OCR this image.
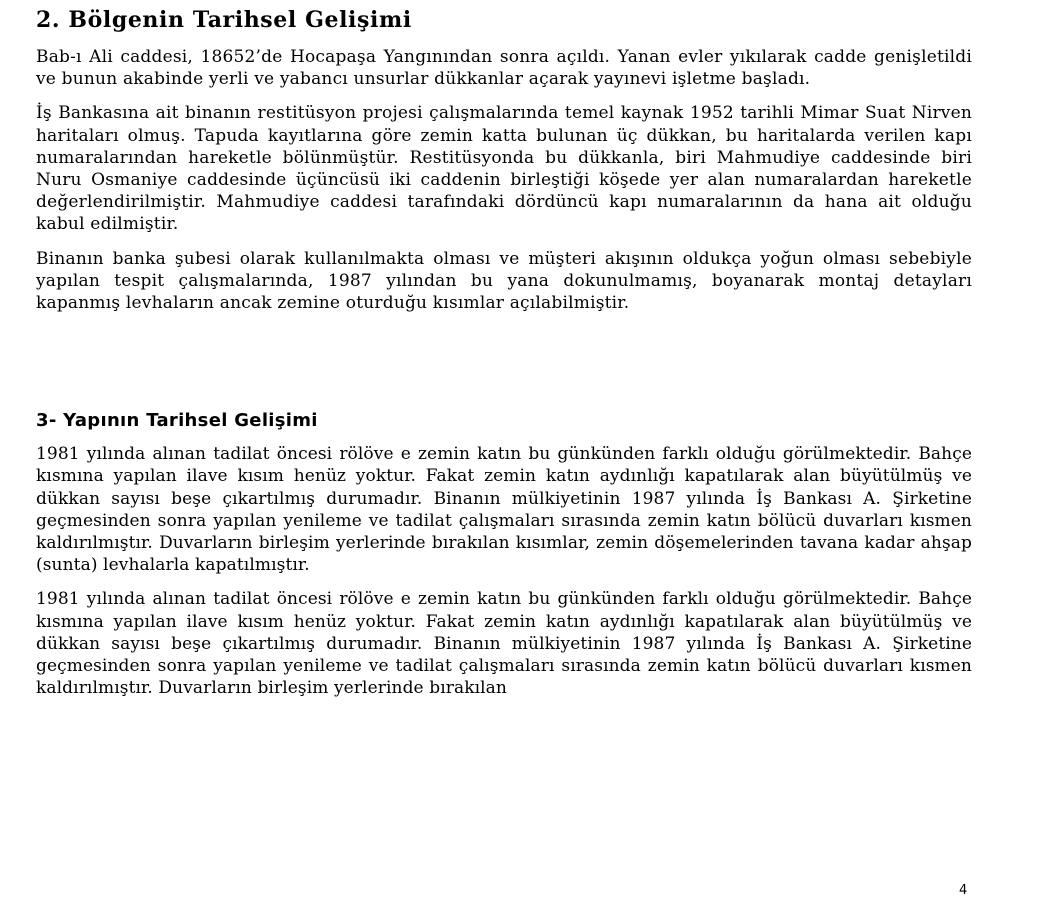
2. Bölgenin Tarihsel Gelişimi

Bab-ı Ali caddesi, 18652’de Hocapaşa Yangınından sonra açıldı. Yanan evler yıkılarak cadde genişletildi ve bunun akabinde yerli ve yabancı unsurlar dükkanlar açarak yayınevi işletme başladı.

İş Bankasına ait binanın restitüsyon projesi çalışmalarında temel kaynak 1952 tarihli Mimar Suat Nirven haritaları olmuş. Tapuda kayıtlarına göre zemin katta bulunan üç dükkan, bu haritalarda verilen kapı numaralarından hareketle bölünmüştür. Restitüsyonda bu dükkanla, biri Mahmudiye caddesinde biri Nuru Osmaniye caddesinde üçüncüsü iki caddenin birleştiği köşede yer alan numaralardan hareketle değerlendirilmiştir. Mahmudiye caddesi tarafındaki dördüncü kapı numaralarının da hana ait olduğu kabul edilmiştir.

Binanın banka şubesi olarak kullanılmakta olması ve müşteri akışının oldukça yoğun olması sebebiyle yapılan tespit çalışmalarında, 1987 yılından bu yana dokunulmamış, boyanarak montaj detayları kapanmış levhaların ancak zemine oturduğu kısımlar açılabilmiştir.

3- Yapının Tarihsel Gelişimi

1981 yılında alınan tadilat öncesi rölöve e zemin katın bu günkünden farklı olduğu görülmektedir. Bahçe kısmına yapılan ilave kısım henüz yoktur. Fakat zemin katın aydınlığı kapatılarak alan büyütülmüş ve dükkan sayısı beşe çıkartılmış durumadır. Binanın mülkiyetinin 1987 yılında İş Bankası A. Şirketine geçmesinden sonra yapılan yenileme ve tadilat çalışmaları sırasında zemin katın bölücü duvarları kısmen kaldırılmıştır. Duvarların birleşim yerlerinde bırakılan kısımlar, zemin döşemelerinden tavana kadar ahşap (sunta) levhalarla kapatılmıştır.

1981 yılında alınan tadilat öncesi rölöve e zemin katın bu günkünden farklı olduğu görülmektedir. Bahçe kısmına yapılan ilave kısım henüz yoktur. Fakat zemin katın aydınlığı kapatılarak alan büyütülmüş ve dükkan sayısı beşe çıkartılmış durumadır. Binanın mülkiyetinin 1987 yılında İş Bankası A. Şirketine geçmesinden sonra yapılan yenileme ve tadilat çalışmaları sırasında zemin katın bölücü duvarları kısmen kaldırılmıştır. Duvarların birleşim yerlerinde bırakılan

4
